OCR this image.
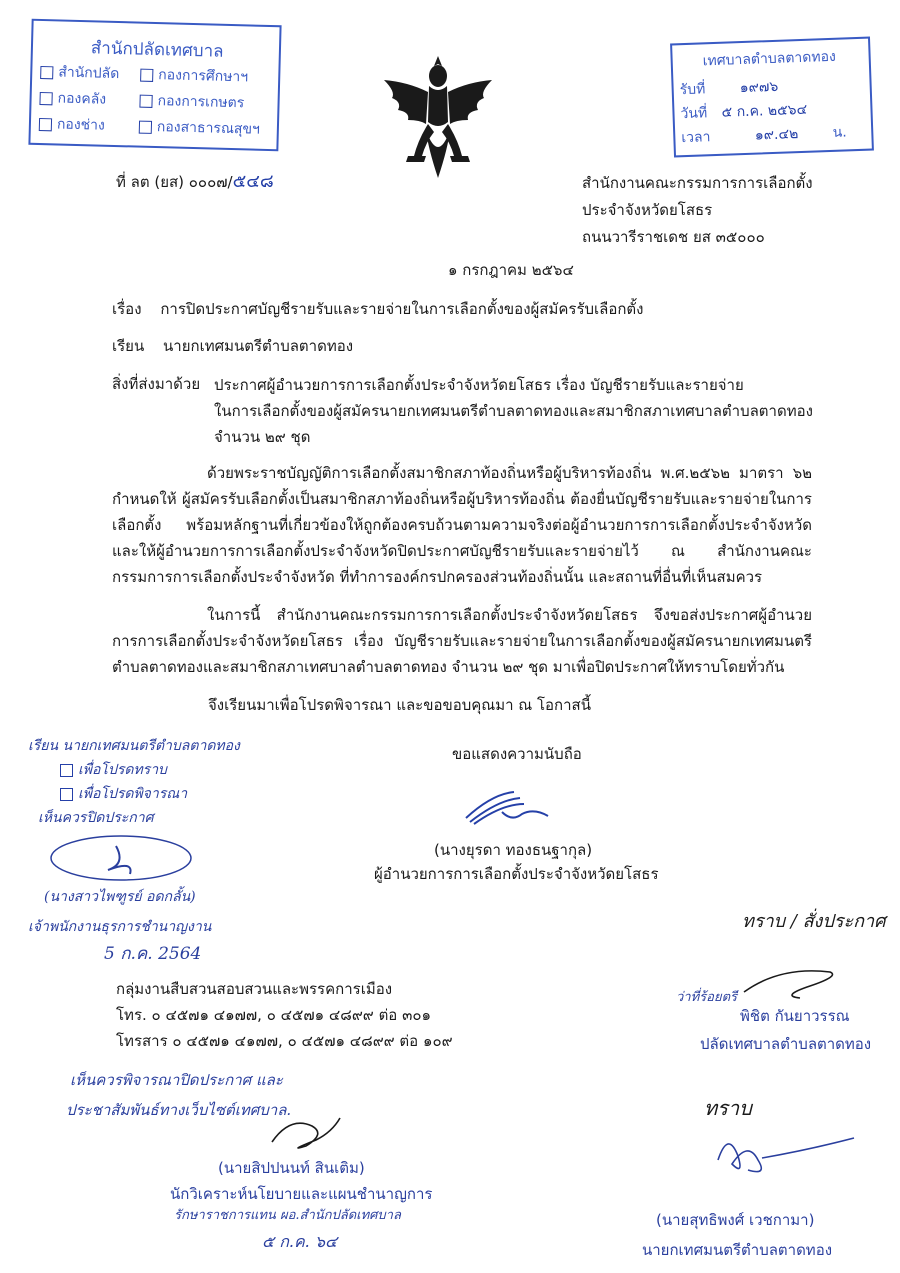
สำนักปลัดเทศบาล
สำนักปลัด
กองคลัง
กองช่าง
กองการศึกษาฯ
กองการเกษตร
กองสาธารณสุขฯ
เทศบาลตำบลตาดทอง
รับที่ ๑๙๗๖
วันที่ ๕ ก.ค. ๒๕๖๔
เวลา	๑๙.๔๒ น.
ที่ ลต (ยส) ๐๐๐๗/๕๔๘	สำนักงานคณะกรรมการการเลือกตั้ง
ประจำจังหวัดยโสธร
ถนนวารีราชเดช ยส ๓๕๐๐๐
๑ กรกฎาคม ๒๕๖๔
เรื่อง การปิดประกาศบัญชีรายรับและรายจ่ายในการเลือกตั้งของผู้สมัครรับเลือกตั้ง
เรียน นายกเทศมนตรีตำบลตาดทอง
สิ่งที่ส่งมาด้วย ประกาศผู้อำนวยการการเลือกตั้งประจำจังหวัดยโสธร เรื่อง บัญชีรายรับและรายจ่าย
ในการเลือกตั้งของผู้สมัครนายกเทศมนตรีตำบลตาดทองและสมาชิกสภาเทศบาลตำบลตาดทอง
จำนวน ๒๙ ชุด
ด้วยพระราชบัญญัติการเลือกตั้งสมาชิกสภาท้องถิ่นหรือผู้บริหารท้องถิ่น พ.ศ.๒๕๖๒ มาตรา ๖๒ กำหนดให้ ผู้สมัครรับเลือกตั้งเป็นสมาชิกสภาท้องถิ่นหรือผู้บริหารท้องถิ่น ต้องยื่นบัญชีรายรับและรายจ่ายในการเลือกตั้ง พร้อมหลักฐานที่เกี่ยวข้องให้ถูกต้องครบถ้วนตามความจริงต่อผู้อำนวยการการเลือกตั้งประจำจังหวัด และให้ผู้อำนวยการการเลือกตั้งประจำจังหวัดปิดประกาศบัญชีรายรับและรายจ่ายไว้ ณ สำนักงานคณะกรรมการการเลือกตั้งประจำจังหวัด ที่ทำการองค์กรปกครองส่วนท้องถิ่นนั้น และสถานที่อื่นที่เห็นสมควร
ในการนี้ สำนักงานคณะกรรมการการเลือกตั้งประจำจังหวัดยโสธร จึงขอส่งประกาศผู้อำนวยการการเลือกตั้งประจำจังหวัดยโสธร เรื่อง บัญชีรายรับและรายจ่ายในการเลือกตั้งของผู้สมัครนายกเทศมนตรีตำบลตาดทองและสมาชิกสภาเทศบาลตำบลตาดทอง จำนวน ๒๙ ชุด มาเพื่อปิดประกาศให้ทราบโดยทั่วกัน
จึงเรียนมาเพื่อโปรดพิจารณา และขอขอบคุณมา ณ โอกาสนี้
ขอแสดงความนับถือ
(นางยุรดา ทองธนฐากุล)
ผู้อำนวยการการเลือกตั้งประจำจังหวัดยโสธร
เรียน นายกเทศมนตรีตำบลตาดทอง
เพื่อโปรดทราบ
เพื่อโปรดพิจารณา
เห็นควรปิดประกาศ
(นางสาวไพฑูรย์ อดกลั้น)
เจ้าพนักงานธุรการชำนาญงาน
5 ก.ค. 2564
กลุ่มงานสืบสวนสอบสวนและพรรคการเมือง
โทร. ๐ ๔๕๗๑ ๔๑๗๗, ๐ ๔๕๗๑ ๔๘๙๙ ต่อ ๓๐๑
โทรสาร ๐ ๔๕๗๑ ๔๑๗๗, ๐ ๔๕๗๑ ๔๘๙๙ ต่อ ๑๐๙
ทราบ / สั่งประกาศ
ว่าที่ร้อยตรี
พิชิต กันยาวรรณ
ปลัดเทศบาลตำบลตาดทอง
เห็นควรพิจารณาปิดประกาศ และ
ประชาสัมพันธ์ทางเว็บไซต์เทศบาล.
(นายสิปปนนท์ สินเติม)
นักวิเคราะห์นโยบายและแผนชำนาญการ
รักษาราชการแทน ผอ.สำนักปลัดเทศบาล
๕ ก.ค. ๖๔
ทราบ
(นายสุทธิพงศ์ เวชกามา)
นายกเทศมนตรีตำบลตาดทอง
